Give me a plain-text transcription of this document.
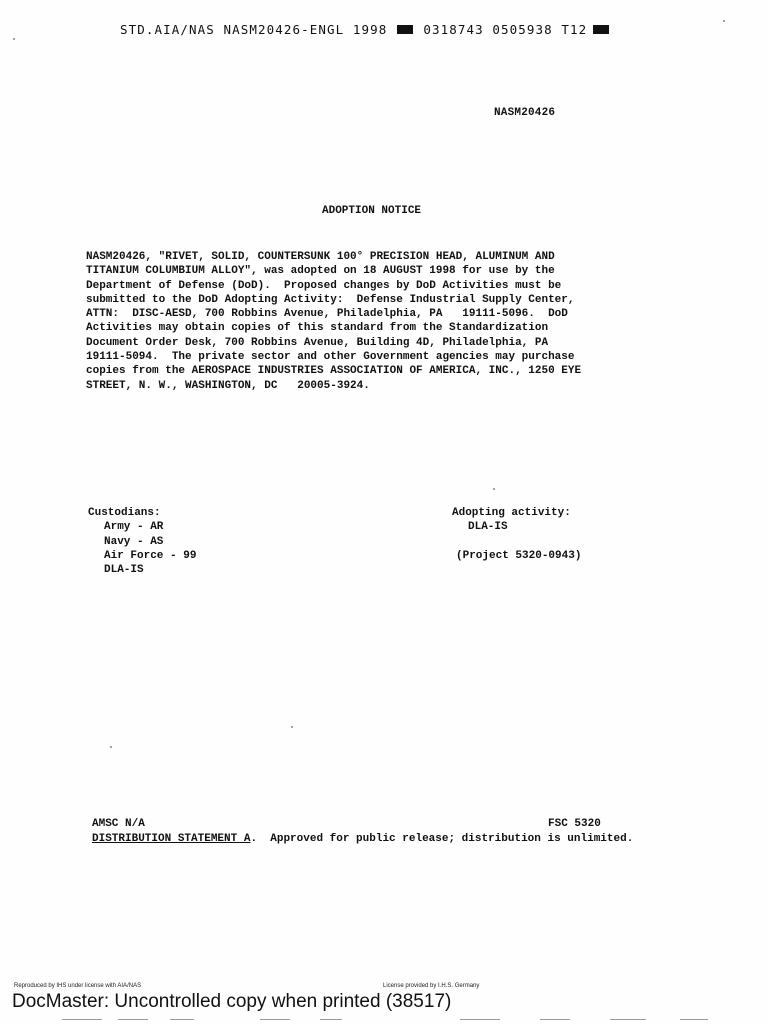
STD.AIA/NAS NASM20426-ENGL 1998	0318743 0505938 T12
NASM20426
ADOPTION NOTICE
NASM20426, "RIVET, SOLID, COUNTERSUNK 100° PRECISION HEAD, ALUMINUM AND
TITANIUM COLUMBIUM ALLOY", was adopted on 18 AUGUST 1998 for use by the
Department of Defense (DoD).  Proposed changes by DoD Activities must be
submitted to the DoD Adopting Activity:  Defense Industrial Supply Center,
ATTN:  DISC-AESD, 700 Robbins Avenue, Philadelphia, PA   19111-5096.  DoD
Activities may obtain copies of this standard from the Standardization
Document Order Desk, 700 Robbins Avenue, Building 4D, Philadelphia, PA
19111-5094.  The private sector and other Government agencies may purchase
copies from the AEROSPACE INDUSTRIES ASSOCIATION OF AMERICA, INC., 1250 EYE
STREET, N. W., WASHINGTON, DC   20005-3924.
Custodians:
Army - AR
Navy - AS
Air Force - 99
DLA-IS
Adopting activity:
DLA-IS
(Project 5320-0943)
AMSC N/A	FSC 5320
DISTRIBUTION STATEMENT A.  Approved for public release; distribution is unlimited.
Reproduced by IHS under license with AIA/NAS	License provided by I.H.S. Germany
DocMaster: Uncontrolled copy when printed (38517)
